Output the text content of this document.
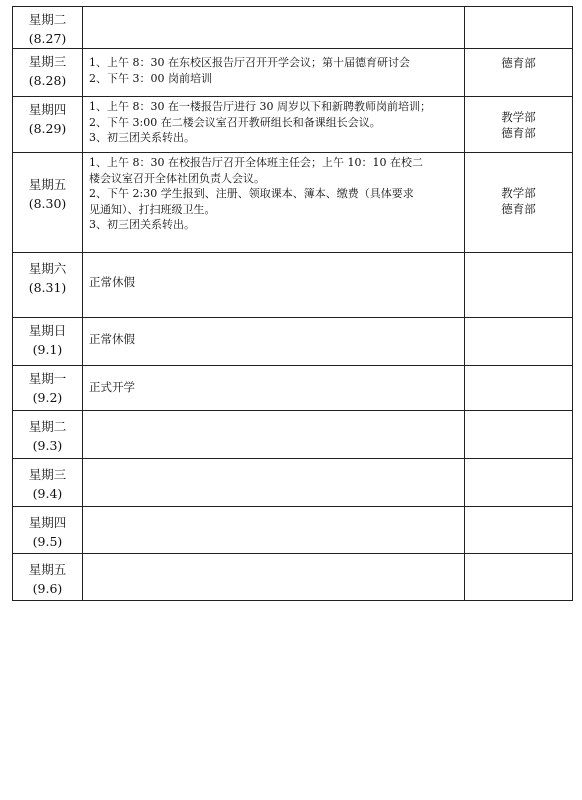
星期二
(8.27)		

星期三
(8.28)	1、上午 8：30 在东校区报告厅召开开学会议；第十届德育研讨会
2、下午 3：00 岗前培训	德育部

星期四
(8.29)	1、上午 8：30 在一楼报告厅进行 30 周岁以下和新聘教师岗前培训；
2、下午 3:00 在二楼会议室召开教研组长和备课组长会议。
3、初三团关系转出。	教学部
德育部

星期五
(8.30)	1、上午 8：30 在校报告厅召开全体班主任会；上午 10：10 在校二
楼会议室召开全体社团负责人会议。
2、下午 2:30 学生报到、注册、领取课本、簿本、缴费（具体要求
见通知）、打扫班级卫生。
3、初三团关系转出。	教学部
德育部

星期六
(8.31)	正常休假	

星期日
(9.1)	正常休假	

星期一
(9.2)	正式开学	

星期二
(9.3)		

星期三
(9.4)		

星期四
(9.5)		

星期五
(9.6)		
